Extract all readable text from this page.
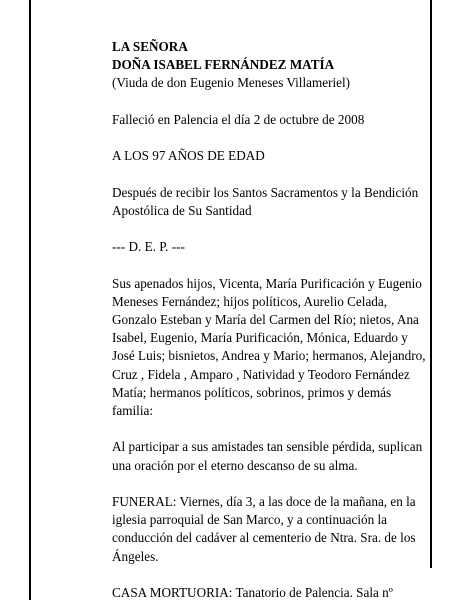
LA SEÑORA

DOÑA ISABEL FERNÁNDEZ MATÍA

(Viuda de don Eugenio Meneses Villameriel)

Falleció en Palencia el día 2 de octubre de 2008

A LOS 97 AÑOS DE EDAD

Después de recibir los Santos Sacramentos y la Bendición Apostólica de Su Santidad

--- D. E. P. ---

Sus apenados hijos, Vicenta, María Purificación y Eugenio Meneses Fernández; hijos políticos, Aurelio Celada, Gonzalo Esteban y María del Carmen del Río; nietos, Ana Isabel, Eugenio, María Purificación, Mónica, Eduardo y José Luis; bisnietos, Andrea y Mario; hermanos, Alejandro, Cruz , Fidela , Amparo , Natividad y Teodoro Fernández Matía; hermanos políticos, sobrinos, primos y demás familia:

Al participar a sus amistades tan sensible pérdida, suplican una oración por el eterno descanso de su alma.

FUNERAL: Viernes, día 3, a las doce de la mañana, en la iglesia parroquial de San Marco, y a continuación la conducción del cadáver al cementerio de Ntra. Sra. de los Ángeles.

CASA MORTUORIA: Tanatorio de Palencia. Sala nº
